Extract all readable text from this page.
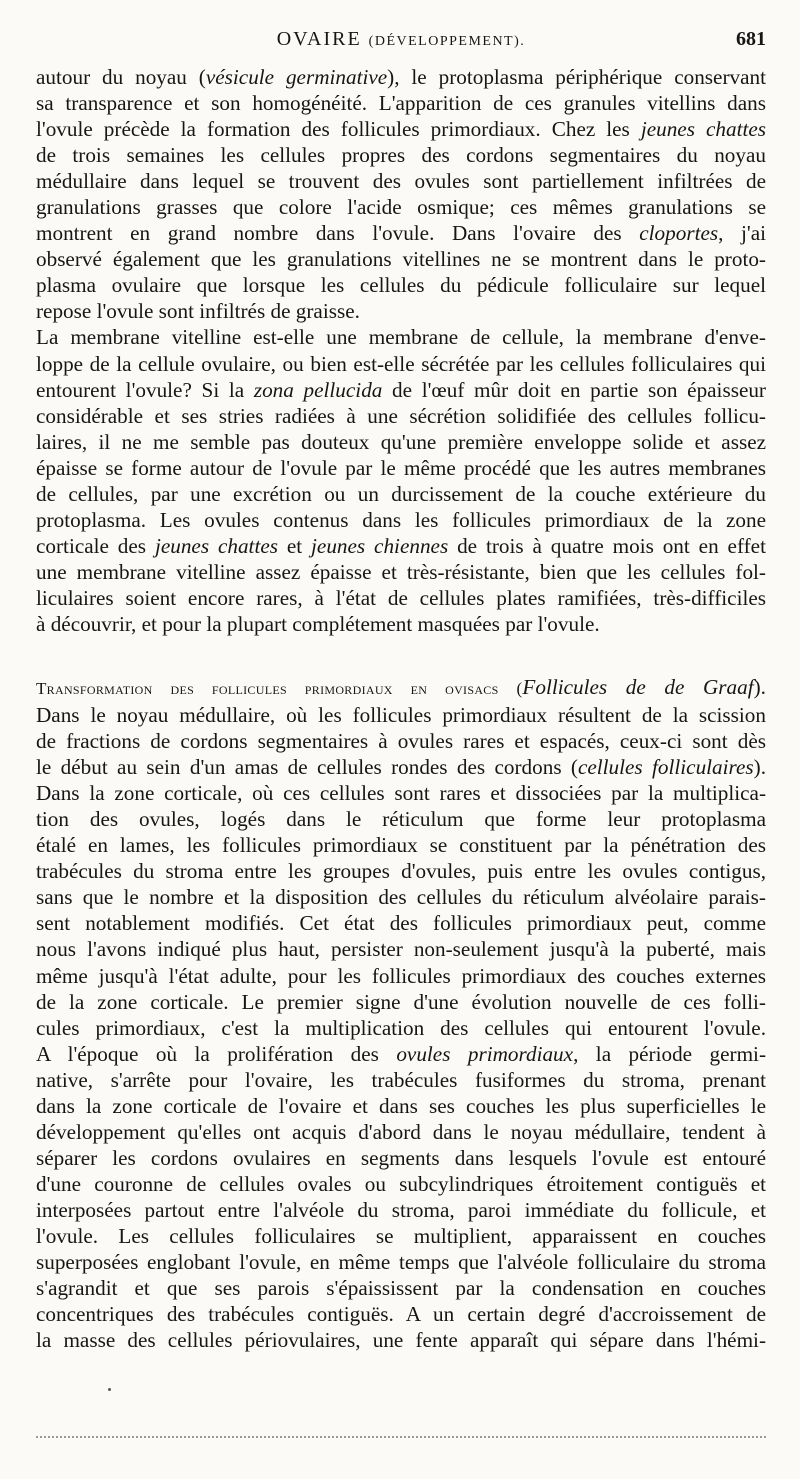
OVAIRE (DÉVELOPPEMENT).	681

autour du noyau (vésicule germinative), le protoplasma périphérique conservant

sa transparence et son homogénéité. L'apparition de ces granules vitellins dans

l'ovule précède la formation des follicules primordiaux. Chez les jeunes chattes

de trois semaines les cellules propres des cordons segmentaires du noyau

médullaire dans lequel se trouvent des ovules sont partiellement infiltrées de

granulations grasses que colore l'acide osmique; ces mêmes granulations se

montrent en grand nombre dans l'ovule. Dans l'ovaire des cloportes, j'ai

observé également que les granulations vitellines ne se montrent dans le proto-

plasma ovulaire que lorsque les cellules du pédicule folliculaire sur lequel

repose l'ovule sont infiltrés de graisse.

La membrane vitelline est-elle une membrane de cellule, la membrane d'enve-

loppe de la cellule ovulaire, ou bien est-elle sécrétée par les cellules folliculaires qui

entourent l'ovule? Si la zona pellucida de l'œuf mûr doit en partie son épaisseur

considérable et ses stries radiées à une sécrétion solidifiée des cellules follicu-

laires, il ne me semble pas douteux qu'une première enveloppe solide et assez

épaisse se forme autour de l'ovule par le même procédé que les autres membranes

de cellules, par une excrétion ou un durcissement de la couche extérieure du

protoplasma. Les ovules contenus dans les follicules primordiaux de la zone

corticale des jeunes chattes et jeunes chiennes de trois à quatre mois ont en effet

une membrane vitelline assez épaisse et très-résistante, bien que les cellules fol-

liculaires soient encore rares, à l'état de cellules plates ramifiées, très-difficiles

à découvrir, et pour la plupart complétement masquées par l'ovule.

Transformation des follicules primordiaux en ovisacs (Follicules de de Graaf).

Dans le noyau médullaire, où les follicules primordiaux résultent de la scission

de fractions de cordons segmentaires à ovules rares et espacés, ceux-ci sont dès

le début au sein d'un amas de cellules rondes des cordons (cellules folliculaires).

Dans la zone corticale, où ces cellules sont rares et dissociées par la multiplica-

tion des ovules, logés dans le réticulum que forme leur protoplasma

étalé en lames, les follicules primordiaux se constituent par la pénétration des

trabécules du stroma entre les groupes d'ovules, puis entre les ovules contigus,

sans que le nombre et la disposition des cellules du réticulum alvéolaire parais-

sent notablement modifiés. Cet état des follicules primordiaux peut, comme

nous l'avons indiqué plus haut, persister non-seulement jusqu'à la puberté, mais

même jusqu'à l'état adulte, pour les follicules primordiaux des couches externes

de la zone corticale. Le premier signe d'une évolution nouvelle de ces folli-

cules primordiaux, c'est la multiplication des cellules qui entourent l'ovule.

A l'époque où la prolifération des ovules primordiaux, la période germi-

native, s'arrête pour l'ovaire, les trabécules fusiformes du stroma, prenant

dans la zone corticale de l'ovaire et dans ses couches les plus superficielles le

développement qu'elles ont acquis d'abord dans le noyau médullaire, tendent à

séparer les cordons ovulaires en segments dans lesquels l'ovule est entouré

d'une couronne de cellules ovales ou subcylindriques étroitement contiguës et

interposées partout entre l'alvéole du stroma, paroi immédiate du follicule, et

l'ovule. Les cellules folliculaires se multiplient, apparaissent en couches

superposées englobant l'ovule, en même temps que l'alvéole folliculaire du stroma

s'agrandit et que ses parois s'épaississent par la condensation en couches

concentriques des trabécules contiguës. A un certain degré d'accroissement de

la masse des cellules périovulaires, une fente apparaît qui sépare dans l'hémi-
